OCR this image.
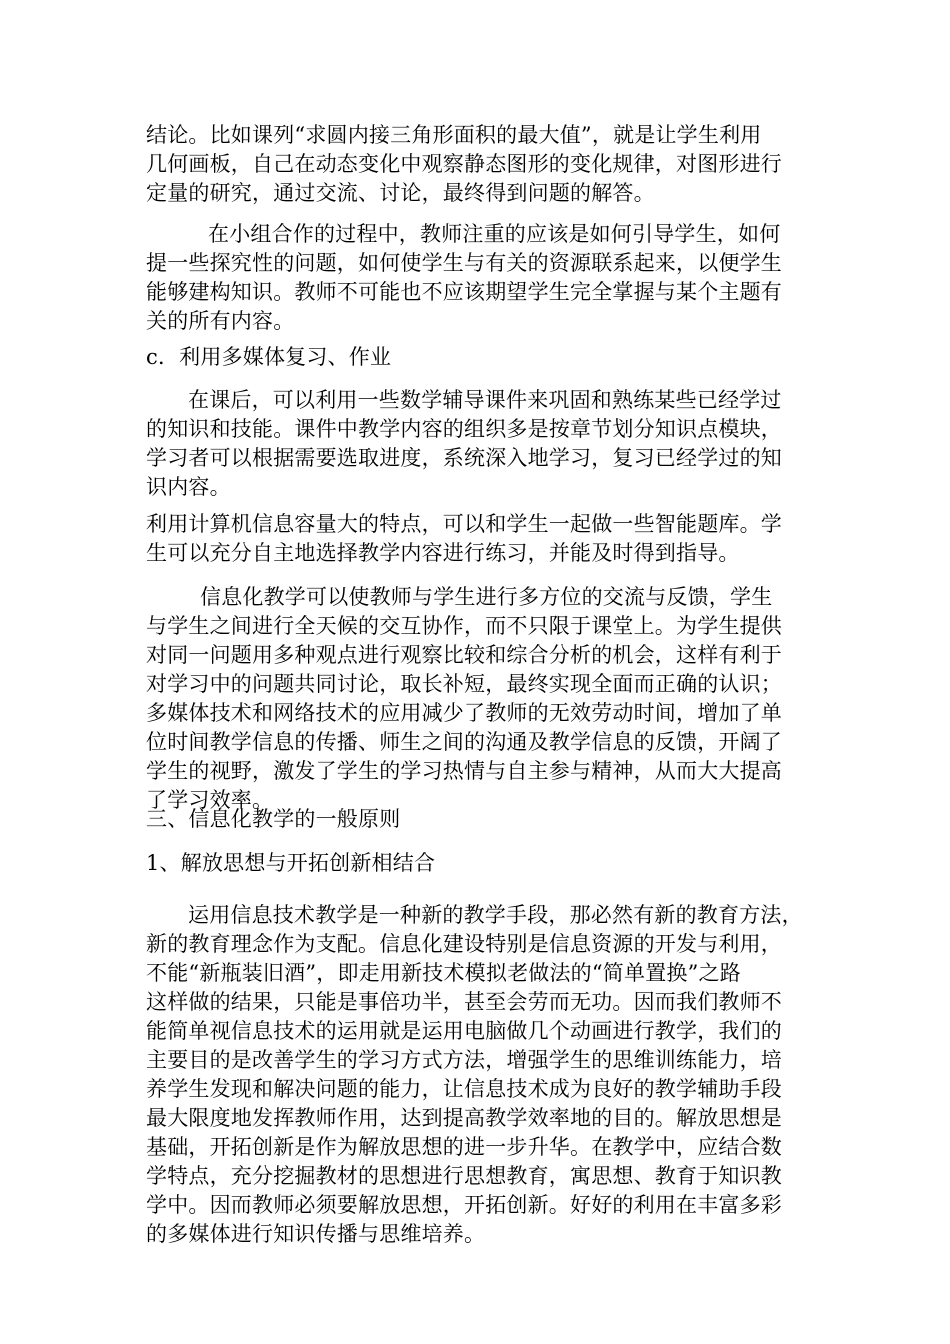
结论。比如课列“求圆内接三角形面积的最大值”，就是让学生利用
几何画板，自己在动态变化中观察静态图形的变化规律，对图形进行
定量的研究，通过交流、讨论，最终得到问题的解答。
在小组合作的过程中，教师注重的应该是如何引导学生，如何
提一些探究性的问题，如何使学生与有关的资源联系起来，以便学生
能够建构知识。教师不可能也不应该期望学生完全掌握与某个主题有
关的所有内容。
c．利用多媒体复习、作业
在课后，可以利用一些数学辅导课件来巩固和熟练某些已经学过
的知识和技能。课件中教学内容的组织多是按章节划分知识点模块，
学习者可以根据需要选取进度，系统深入地学习，复习已经学过的知
识内容。
利用计算机信息容量大的特点，可以和学生一起做一些智能题库。学
生可以充分自主地选择教学内容进行练习，并能及时得到指导。
信息化教学可以使教师与学生进行多方位的交流与反馈，学生
与学生之间进行全天候的交互协作，而不只限于课堂上。为学生提供
对同一问题用多种观点进行观察比较和综合分析的机会，这样有利于
对学习中的问题共同讨论，取长补短，最终实现全面而正确的认识；
多媒体技术和网络技术的应用减少了教师的无效劳动时间，增加了单
位时间教学信息的传播、师生之间的沟通及教学信息的反馈，开阔了
学生的视野，激发了学生的学习热情与自主参与精神，从而大大提高
了学习效率。
三、信息化教学的一般原则
1、解放思想与开拓创新相结合
运用信息技术教学是一种新的教学手段，那必然有新的教育方法，
新的教育理念作为支配。信息化建设特别是信息资源的开发与利用，
不能“新瓶装旧酒”，即走用新技术模拟老做法的“简单置换”之路
这样做的结果，只能是事倍功半，甚至会劳而无功。因而我们教师不
能简单视信息技术的运用就是运用电脑做几个动画进行教学，我们的
主要目的是改善学生的学习方式方法，增强学生的思维训练能力，培
养学生发现和解决问题的能力，让信息技术成为良好的教学辅助手段
最大限度地发挥教师作用，达到提高教学效率地的目的。解放思想是
基础，开拓创新是作为解放思想的进一步升华。在教学中，应结合数
学特点，充分挖掘教材的思想进行思想教育，寓思想、教育于知识教
学中。因而教师必须要解放思想，开拓创新。好好的利用在丰富多彩
的多媒体进行知识传播与思维培养。
